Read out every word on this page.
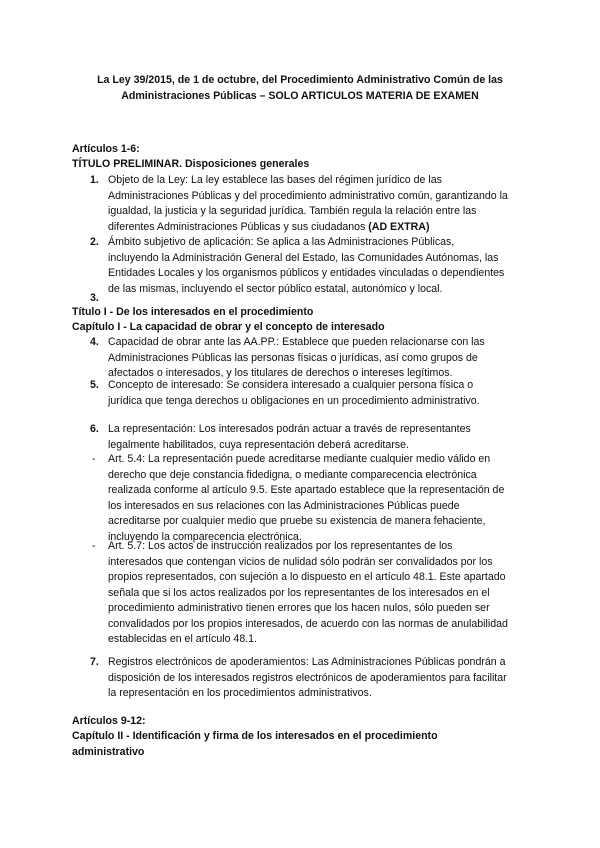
La Ley 39/2015, de 1 de octubre, del Procedimiento Administrativo Común de las
Administraciones Públicas – SOLO ARTICULOS MATERIA DE EXAMEN
Artículos 1-6:
TÍTULO PRELIMINAR. Disposiciones generales
1. Objeto de la Ley: La ley establece las bases del régimen jurídico de las
Administraciones Públicas y del procedimiento administrativo común, garantizando la
igualdad, la justicia y la seguridad jurídica. También regula la relación entre las
diferentes Administraciones Públicas y sus ciudadanos (AD EXTRA)
2. Ámbito subjetivo de aplicación: Se aplica a las Administraciones Públicas,
incluyendo la Administración General del Estado, las Comunidades Autónomas, las
Entidades Locales y los organismos públicos y entidades vinculadas o dependientes
de las mismas, incluyendo el sector público estatal, autonómico y local.
3.
Título I - De los interesados en el procedimiento
Capítulo I - La capacidad de obrar y el concepto de interesado
4. Capacidad de obrar ante las AA.PP.: Establece que pueden relacionarse con las
Administraciones Públicas las personas físicas o jurídicas, así como grupos de
afectados o interesados, y los titulares de derechos o intereses legítimos.
5. Concepto de interesado: Se considera interesado a cualquier persona física o
jurídica que tenga derechos u obligaciones en un procedimiento administrativo.
6. La representación: Los interesados podrán actuar a través de representantes
legalmente habilitados, cuya representación deberá acreditarse.
- Art. 5.4: La representación puede acreditarse mediante cualquier medio válido en
derecho que deje constancia fidedigna, o mediante comparecencia electrónica
realizada conforme al artículo 9.5. Este apartado establece que la representación de
los interesados en sus relaciones con las Administraciones Públicas puede
acreditarse por cualquier medio que pruebe su existencia de manera fehaciente,
incluyendo la comparecencia electrónica.
- Art. 5.7: Los actos de instrucción realizados por los representantes de los
interesados que contengan vicios de nulidad sólo podrán ser convalidados por los
propios representados, con sujeción a lo dispuesto en el artículo 48.1. Este apartado
señala que si los actos realizados por los representantes de los interesados en el
procedimiento administrativo tienen errores que los hacen nulos, sólo pueden ser
convalidados por los propios interesados, de acuerdo con las normas de anulabilidad
establecidas en el artículo 48.1.
7. Registros electrónicos de apoderamientos: Las Administraciones Públicas pondrán a
disposición de los interesados registros electrónicos de apoderamientos para facilitar
la representación en los procedimientos administrativos.
Artículos 9-12:
Capítulo II - Identificación y firma de los interesados en el procedimiento
administrativo
